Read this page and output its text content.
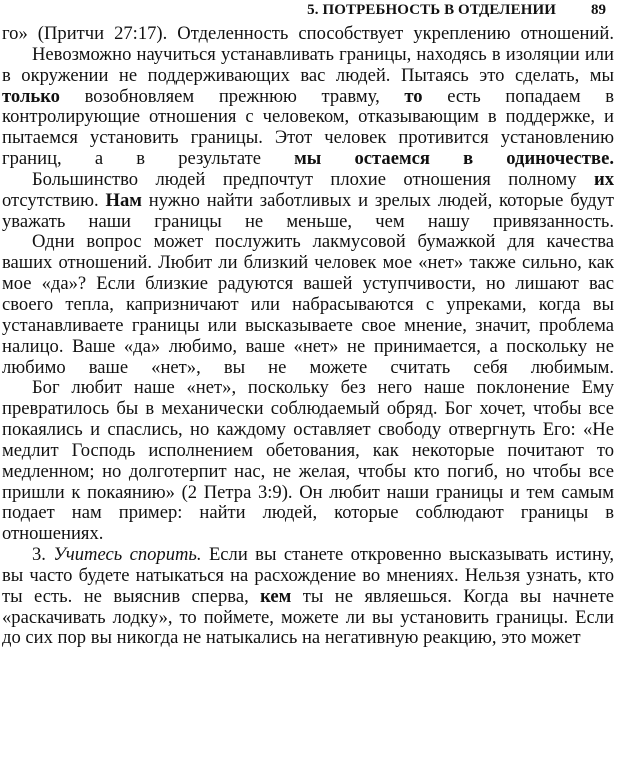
5. ПОТРЕБНОСТЬ В ОТДЕЛЕНИИ 89

го» (Притчи 27:17). Отделенность способствует укреплению отношений.

Невозможно научиться устанавливать границы, находясь в изоляции или в окружении не поддерживающих вас людей. Пытаясь это сделать, мы только возобновляем прежнюю травму, то есть попадаем в контролирующие отношения с человеком, отказывающим в поддержке, и пытаемся установить границы. Этот человек противится установлению границ, а в результате мы остаемся в одиночестве.

Большинство людей предпочтут плохие отношения полному их отсутствию. Нам нужно найти заботливых и зрелых людей, которые будут уважать наши границы не меньше, чем нашу привязанность.

Одни вопрос может послужить лакмусовой бумажкой для качества ваших отношений. Любит ли близкий человек мое «нет» также сильно, как мое «да»? Если близкие радуются вашей уступчивости, но лишают вас своего тепла, капризничают или набрасываются с упреками, когда вы устанавливаете границы или высказываете свое мнение, значит, проблема налицо. Ваше «да» любимо, ваше «нет» не принимается, а поскольку не любимо ваше «нет», вы не можете считать себя любимым.

Бог любит наше «нет», поскольку без него наше поклонение Ему превратилось бы в механически соблюдаемый обряд. Бог хочет, чтобы все покаялись и спаслись, но каждому оставляет свободу отвергнуть Его: «Не медлит Господь исполнением обетования, как некоторые почитают то медленном; но долготерпит нас, не желая, чтобы кто погиб, но чтобы все пришли к покаянию» (2 Петра 3:9). Он любит наши границы и тем самым подает нам пример: найти людей, которые соблюдают границы в отношениях.

3. Учитесь спорить. Если вы станете откровенно высказывать истину, вы часто будете натыкаться на расхождение во мнениях. Нельзя узнать, кто ты есть. не выяснив сперва, кем ты не являешься. Когда вы начнете «раскачивать лодку», то поймете, можете ли вы установить границы. Если до сих пор вы никогда не натыкались на негативную реакцию, это может
